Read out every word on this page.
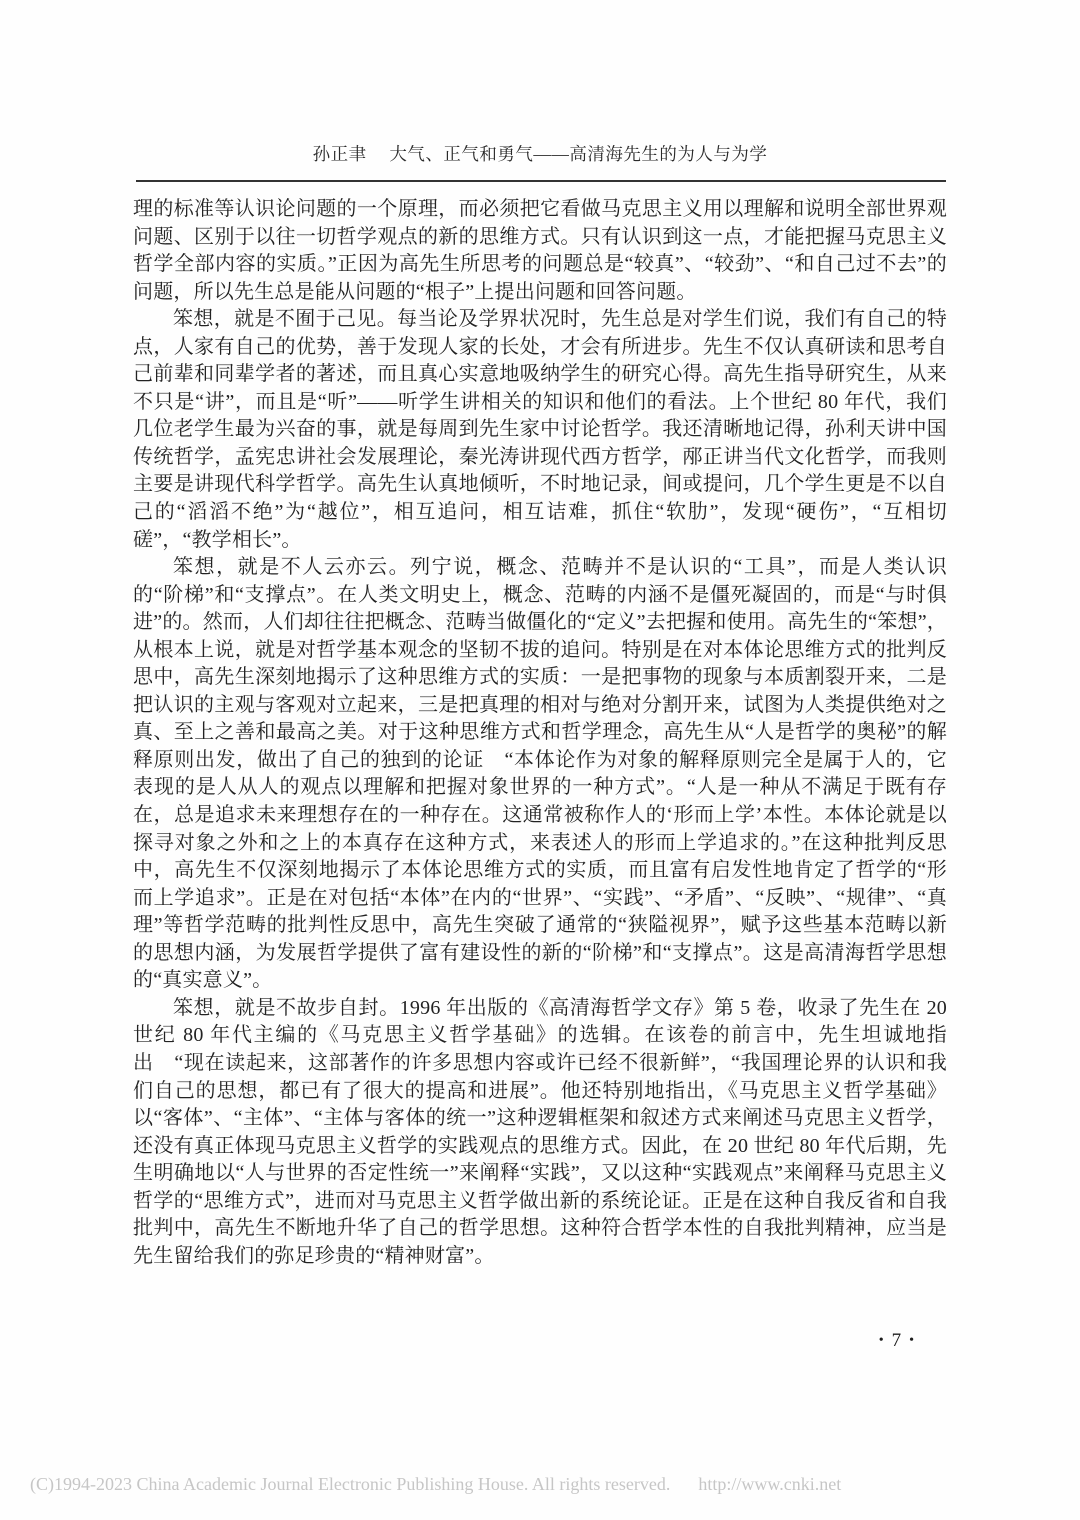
孙正聿 大气、正气和勇气——高清海先生的为人与为学

理的标准等认识论问题的一个原理，而必须把它看做马克思主义用以理解和说明全部世界观问题、区别于以往一切哲学观点的新的思维方式。只有认识到这一点，才能把握马克思主义哲学全部内容的实质。”正因为高先生所思考的问题总是“较真”、“较劲”、“和自己过不去”的问题，所以先生总是能从问题的“根子”上提出问题和回答问题。

笨想，就是不囿于己见。每当论及学界状况时，先生总是对学生们说，我们有自己的特点，人家有自己的优势，善于发现人家的长处，才会有所进步。先生不仅认真研读和思考自己前辈和同辈学者的著述，而且真心实意地吸纳学生的研究心得。高先生指导研究生，从来不只是“讲”，而且是“听”——听学生讲相关的知识和他们的看法。上个世纪 80 年代，我们几位老学生最为兴奋的事，就是每周到先生家中讨论哲学。我还清晰地记得，孙利天讲中国传统哲学，孟宪忠讲社会发展理论，秦光涛讲现代西方哲学，邴正讲当代文化哲学，而我则主要是讲现代科学哲学。高先生认真地倾听，不时地记录，间或提问，几个学生更是不以自己的“滔滔不绝”为“越位”，相互追问，相互诘难，抓住“软肋”，发现“硬伤”，“互相切磋”，“教学相长”。

笨想，就是不人云亦云。列宁说，概念、范畴并不是认识的“工具”，而是人类认识的“阶梯”和“支撑点”。在人类文明史上，概念、范畴的内涵不是僵死凝固的，而是“与时俱进”的。然而，人们却往往把概念、范畴当做僵化的“定义”去把握和使用。高先生的“笨想”，从根本上说，就是对哲学基本观念的坚韧不拔的追问。特别是在对本体论思维方式的批判反思中，高先生深刻地揭示了这种思维方式的实质：一是把事物的现象与本质割裂开来，二是把认识的主观与客观对立起来，三是把真理的相对与绝对分割开来，试图为人类提供绝对之真、至上之善和最高之美。对于这种思维方式和哲学理念，高先生从“人是哲学的奥秘”的解释原则出发，做出了自己的独到的论证　“本体论作为对象的解释原则完全是属于人的，它表现的是人从人的观点以理解和把握对象世界的一种方式”。“人是一种从不满足于既有存在，总是追求未来理想存在的一种存在。这通常被称作人的‘形而上学’本性。本体论就是以探寻对象之外和之上的本真存在这种方式，来表述人的形而上学追求的。”在这种批判反思中，高先生不仅深刻地揭示了本体论思维方式的实质，而且富有启发性地肯定了哲学的“形而上学追求”。正是在对包括“本体”在内的“世界”、“实践”、“矛盾”、“反映”、“规律”、“真理”等哲学范畴的批判性反思中，高先生突破了通常的“狭隘视界”，赋予这些基本范畴以新的思想内涵，为发展哲学提供了富有建设性的新的“阶梯”和“支撑点”。这是高清海哲学思想的“真实意义”。

笨想，就是不故步自封。1996 年出版的《高清海哲学文存》第 5 卷，收录了先生在 20 世纪 80 年代主编的《马克思主义哲学基础》的选辑。在该卷的前言中，先生坦诚地指出　“现在读起来，这部著作的许多思想内容或许已经不很新鲜”，“我国理论界的认识和我们自己的思想，都已有了很大的提高和进展”。他还特别地指出，《马克思主义哲学基础》以“客体”、“主体”、“主体与客体的统一”这种逻辑框架和叙述方式来阐述马克思主义哲学，还没有真正体现马克思主义哲学的实践观点的思维方式。因此，在 20 世纪 80 年代后期，先生明确地以“人与世界的否定性统一”来阐释“实践”，又以这种“实践观点”来阐释马克思主义哲学的“思维方式”，进而对马克思主义哲学做出新的系统论证。正是在这种自我反省和自我批判中，高先生不断地升华了自己的哲学思想。这种符合哲学本性的自我批判精神，应当是先生留给我们的弥足珍贵的“精神财富”。

• 7 •
(C)1994-2023 China Academic Journal Electronic Publishing House. All rights reserved. http://www.cnki.net
